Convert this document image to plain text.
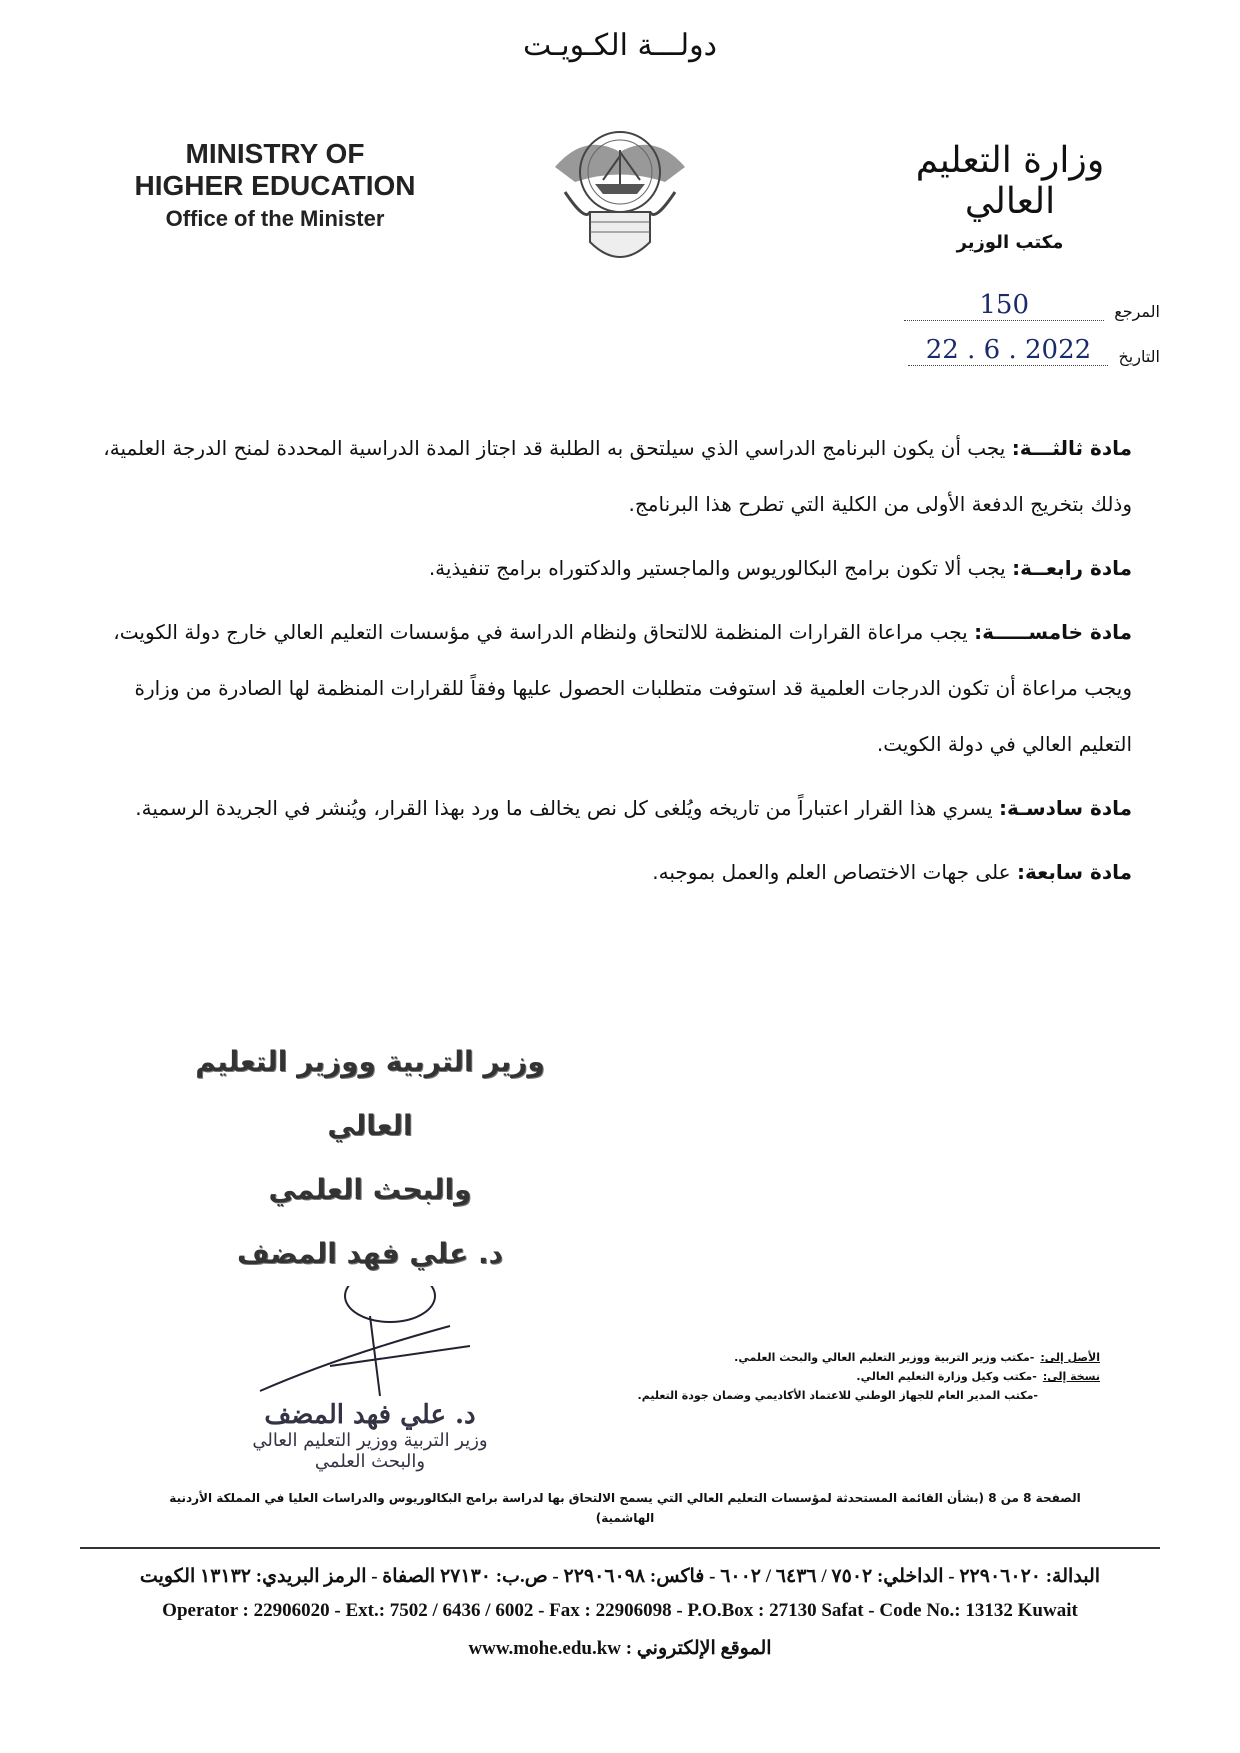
دولـــة الكـويـت
MINISTRY OF
HIGHER EDUCATION
Office of the Minister
وزارة التعليم العالي
مكتب الوزير
المرجع
150
التاريخ
22 . 6 . 2022
مادة ثالثـــة: يجب أن يكون البرنامج الدراسي الذي سيلتحق به الطلبة قد اجتاز المدة الدراسية المحددة لمنح الدرجة العلمية، وذلك بتخريج الدفعة الأولى من الكلية التي تطرح هذا البرنامج.
مادة رابعــة: يجب ألا تكون برامج البكالوريوس والماجستير والدكتوراه برامج تنفيذية.
مادة خامســـــة: يجب مراعاة القرارات المنظمة للالتحاق ولنظام الدراسة في مؤسسات التعليم العالي خارج دولة الكويت، ويجب مراعاة أن تكون الدرجات العلمية قد استوفت متطلبات الحصول عليها وفقاً للقرارات المنظمة لها الصادرة من وزارة التعليم العالي في دولة الكويت.
مادة سادسـة: يسري هذا القرار اعتباراً من تاريخه ويُلغى كل نص يخالف ما ورد بهذا القرار، ويُنشر في الجريدة الرسمية.
مادة سابعة: على جهات الاختصاص العلم والعمل بموجبه.
وزير التربية ووزير التعليم العالي
والبحث العلمي
د. علي فهد المضف
د. علي فهد المضف
وزير التربية ووزير التعليم العالي والبحث العلمي
الأصل إلى:-مكتب وزير التربية ووزير التعليم العالي والبحث العلمي.
نسخة إلى:-مكتب وكيل وزارة التعليم العالي.
-مكتب المدير العام للجهاز الوطني للاعتماد الأكاديمي وضمان جودة التعليم.
الصفحة 8 من 8 (بشأن القائمة المستحدثة لمؤسسات التعليم العالي التي يسمح الالتحاق بها لدراسة برامج البكالوريوس والدراسات العليا في المملكة الأردنية الهاشمية)
البدالة: ٢٢٩٠٦٠٢٠ - الداخلي: ٧٥٠٢ / ٦٤٣٦ / ٦٠٠٢ - فاكس: ٢٢٩٠٦٠٩٨ - ص.ب: ٢٧١٣٠ الصفاة - الرمز البريدي: ١٣١٣٢ الكويت
Operator : 22906020 - Ext.: 7502 / 6436 / 6002 - Fax : 22906098 - P.O.Box : 27130 Safat - Code No.: 13132 Kuwait
www.mohe.edu.kw الموقع الإلكتروني :
